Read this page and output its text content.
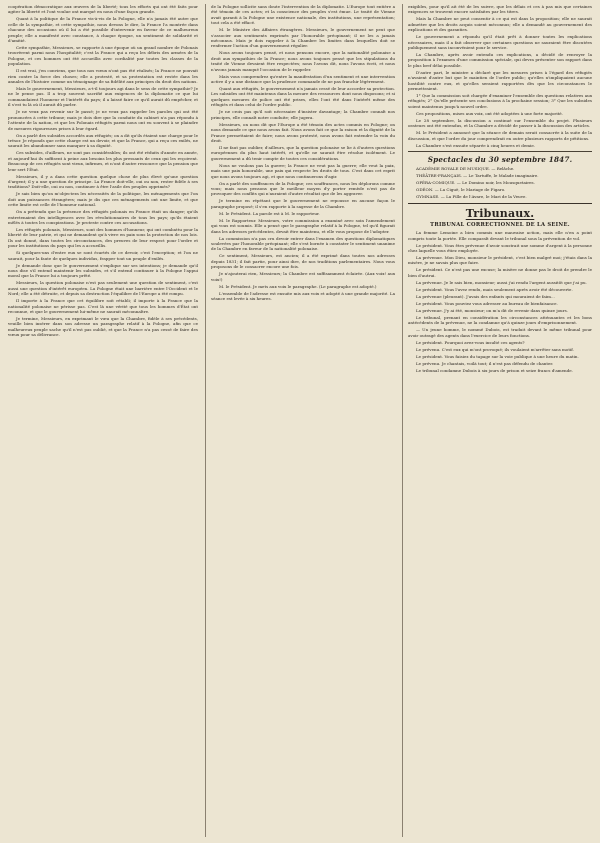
coopération démocratique aux œuvres de la liberté; tous les efforts qui ont été faits pour agiter la liberté et l'ont voulue ont marqué en nous d'une façon grande.

Quant à la politique de la France vis-à-vis de la Pologne, elle n'a jamais été autre que celle de la sympathie, et cette sympathie, nous devons le dire, la France l'a montrée dans chacune des occasions où il lui a été possible d'intervenir en faveur de ce malheureux peuple; elle a manifesté avec constance, à chaque époque, un sentiment de solidarité et d'amitié.

Cette sympathie, Messieurs, se rapporte à une époque où un grand nombre de Polonais trouvèrent parmi nous l'hospitalité; c'est la France qui a reçu les débris des armées de la Pologne, et ces hommes ont été accueillis avec cordialité par toutes les classes de la population.

Il est vrai, j'en conviens, que tous nos vœux n'ont pas été réalisés; la France ne pouvait rien contre la force des choses; elle a protesté, et sa protestation est restée dans les annales de l'histoire comme un témoignage de sa fidélité aux principes du droit des nations.

Mais le gouvernement, Messieurs, a-t-il toujours agi dans le sens de cette sympathie? Je ne le pense pas. Il a trop souvent sacrifié aux exigences de la diplomatie ce que lui commandaient l'honneur et l'intérêt du pays; il a laissé faire ce qu'il aurait dû empêcher, et il s'est tu là où il aurait dû parler.

Je ne veux pas revenir sur le passé; je ne veux pas rappeler les paroles qui ont été prononcées à cette tribune; mais je dois dire que la conduite du cabinet n'a pas répondu à l'attente de la nation, et que les Polonais réfugiés parmi nous ont eu souvent à se plaindre de mesures rigoureuses prises à leur égard.

On a parlé des subsides accordés aux réfugiés; on a dit qu'ils étaient une charge pour le trésor. Je réponds que cette charge est un devoir, et que la France, qui a reçu ces exilés, ne saurait les abandonner sans manquer à sa dignité.

Ces subsides, d'ailleurs, ne sont pas considérables; ils ont été réduits d'année en année, et aujourd'hui ils suffisent à peine aux besoins les plus pressants de ceux qui les reçoivent. Beaucoup de ces réfugiés sont vieux, infirmes, et n'ont d'autre ressource que la pension que leur sert l'État.

Messieurs, il y a dans cette question quelque chose de plus élevé qu'une question d'argent; il y a une question de principe. La France doit-elle, oui ou non, rester fidèle à ses traditions? Doit-elle, oui ou non, continuer à être l'asile des peuples opprimés?

Je sais bien qu'on m'objectera les nécessités de la politique, les ménagements que l'on doit aux puissances étrangères; mais je dis que ces ménagements ont une limite, et que cette limite est celle de l'honneur national.

On a prétendu que la présence des réfugiés polonais en France était un danger; qu'ils entretenaient des intelligences avec les révolutionnaires de tous les pays; qu'ils étaient mêlés à toutes les conspirations. Je proteste contre ces accusations.

Les réfugiés polonais, Messieurs, sont des hommes d'honneur, qui ont combattu pour la liberté de leur patrie, et qui ne demandent qu'à vivre en paix sous la protection de nos lois. Ils ont donné, dans toutes les circonstances, des preuves de leur respect pour l'ordre et pour les institutions du pays qui les a accueillis.

Si quelques-uns d'entre eux se sont écartés de ce devoir, c'est l'exception; et l'on ne saurait, pour la faute de quelques individus, frapper tout un peuple d'exilés.

Je demande donc que le gouvernement s'explique sur ses intentions; je demande qu'il nous dise s'il entend maintenir les subsides, et s'il entend continuer à la Pologne l'appui moral que la France lui a toujours prêté.

Messieurs, la question polonaise n'est pas seulement une question de sentiment, c'est aussi une question d'intérêt européen. La Pologne était une barrière entre l'Occident et le Nord; elle a été détruite, et depuis sa destruction l'équilibre de l'Europe a été rompu.

Il importe à la France que cet équilibre soit rétabli; il importe à la France que la nationalité polonaise ne périsse pas. C'est là une vérité que tous les hommes d'État ont reconnue, et que le gouvernement lui-même ne saurait méconnaître.

Je termine, Messieurs, en exprimant le vœu que la Chambre, fidèle à ses précédents, veuille bien insérer dans son adresse un paragraphe relatif à la Pologne, afin que ce malheureux peuple sache qu'il n'est pas oublié, et que la France n'a pas cessé de faire des vœux pour sa délivrance.

de la Pologne sollicite sans doute l'intervention de la diplomatie. L'Europe tout entière a été témoin de ces actes; et la conscience des peuples s'est émue. Le traité de Vienne avait garanti à la Pologne une existence nationale, des institutions, une représentation; tout cela a été effacé.

M. le Ministre des Affaires étrangères. Messieurs, le gouvernement ne peut que s'associer aux sentiments exprimés par l'honorable préopinant; il ne les a jamais méconnus. Mais je dois rappeler à la Chambre les limites dans lesquelles doit se renfermer l'action d'un gouvernement régulier.

Nous avons toujours pensé, et nous pensons encore, que la nationalité polonaise a droit aux sympathies de la France; nous avons toujours pensé que les stipulations du traité de Vienne devaient être respectées; nous l'avons dit, nous l'avons écrit, et nous n'avons jamais manqué l'occasion de le rappeler.

Mais vous comprendrez qu'entre la manifestation d'un sentiment et une intervention active il y a une distance que la prudence commande de ne pas franchir légèrement.

Quant aux réfugiés, le gouvernement n'a jamais cessé de leur accorder sa protection. Les subsides ont été maintenus dans la mesure des ressources dont nous disposons; et si quelques mesures de police ont été prises, elles l'ont été dans l'intérêt même des réfugiés et dans celui de l'ordre public.

Je ne crois pas qu'il soit nécessaire d'insister davantage; la Chambre connaît nos principes, elle connaît notre conduite; elle jugera.

Messieurs, on nous dit que l'Europe a été témoin des actes commis en Pologne; on nous demande ce que nous avons fait. Nous avons fait ce que la raison et la dignité de la France permettaient de faire; nous avons protesté, nous avons fait entendre la voix du droit.

Il ne faut pas oublier, d'ailleurs, que la question polonaise se lie à d'autres questions européennes du plus haut intérêt, et qu'elle ne saurait être résolue isolément. Le gouvernement a dû tenir compte de toutes ces considérations.

Nous ne voulons pas la guerre; la France ne veut pas la guerre; elle veut la paix, mais une paix honorable, une paix qui respecte les droits de tous. C'est dans cet esprit que nous avons toujours agi, et que nous continuerons d'agir.

On a parlé des souffrances de la Pologne; ces souffrances, nous les déplorons comme vous; mais nous pensons que le meilleur moyen d'y porter remède n'est pas de provoquer des conflits qui n'auraient d'autre résultat que de les aggraver.

Je termine en répétant que le gouvernement ne repousse en aucune façon le paragraphe proposé; il s'en rapporte à la sagesse de la Chambre.

M. le Président. La parole est à M. le rapporteur.

M. le Rapporteur. Messieurs, votre commission a examiné avec soin l'amendement qui vous est soumis. Elle a pensé que le paragraphe relatif à la Pologne, tel qu'il figurait dans les adresses précédentes, devait être maintenu, et elle vous propose de l'adopter.

La commission n'a pas cru devoir entrer dans l'examen des questions diplomatiques soulevées par l'honorable préopinant; elle s'est bornée à constater le sentiment unanime de la Chambre en faveur de la nationalité polonaise.

Ce sentiment, Messieurs, est ancien; il a été exprimé dans toutes nos adresses depuis 1831; il fait partie, pour ainsi dire, de nos traditions parlementaires. Nous vous proposons de le consacrer encore une fois.

Je n'ajouterai rien, Messieurs; la Chambre est suffisamment éclairée. (Aux voix! aux voix!)

M. le Président. Je mets aux voix le paragraphe. (Le paragraphe est adopté.)

L'ensemble de l'adresse est ensuite mis aux voix et adopté à une grande majorité. La séance est levée à six heures.

exigibles, pour qu'il ait été de les suivre, que les délais et ces à pas mis que certaines exigences se trouvent encore satisfaites par les titres.

Mais la Chambre ne peut consentir à ce qui est dans la proposition; elle ne saurait admettre que les droits acquis soient méconnus; elle a demandé au gouvernement des explications et des garanties.

Le gouvernement a répondu qu'il était prêt à donner toutes les explications nécessaires, mais il a fait observer que certaines questions ne sauraient être discutées publiquement sans inconvénient pour le service.

La Chambre, après avoir entendu ces explications, a décidé de renvoyer la proposition à l'examen d'une commission spéciale, qui devra présenter son rapport dans le plus bref délai possible.

D'autre part, le ministre a déclaré que les mesures prises à l'égard des réfugiés n'avaient d'autre but que le maintien de l'ordre public; qu'elles n'impliquaient aucune hostilité contre eux, et qu'elles seraient rapportées dès que les circonstances le permettraient.

1° Que la commission soit chargée d'examiner l'ensemble des questions relatives aux réfugiés; 2° Qu'elle présente ses conclusions à la prochaine session; 3° Que les subsides soient maintenus jusqu'à nouvel ordre.

Ces propositions, mises aux voix, ont été adoptées à une forte majorité.

Le 28 septembre, la discussion a continué sur l'ensemble du projet. Plusieurs orateurs ont été entendus, et la Chambre a décidé de passer à la discussion des articles.

M. le Président a annoncé que la séance de demain serait consacrée à la suite de la discussion, et que l'ordre du jour comprendrait en outre plusieurs rapports de pétitions.

La Chambre s'est ensuite séparée à cinq heures et demie.

Spectacles du 30 septembre 1847.

ACADÉMIE ROYALE DE MUSIQUE. — Relâche.

THÉÂTRE-FRANÇAIS. — Le Tartuffe, le Malade imaginaire.

OPÉRA-COMIQUE. — Le Domino noir, les Mousquetaires.

ODÉON. — La Ciguë, le Mariage de Figaro.

GYMNASE. — La Fille de l'Avare, le Mari de la Veuve.

Tribunaux.
TRIBUNAL CORRECTIONNEL DE LA SEINE.

La femme Lemoine a bien commis une mauvaise action, mais elle n'en a point compris toute la portée. Elle comparaît devant le tribunal sous la prévention de vol.

Le président. Vous êtes prévenue d'avoir soustrait une somme d'argent à la personne chez laquelle vous étiez employée.

La prévenue. Mon Dieu, monsieur le président, c'est bien malgré moi; j'étais dans la misère, je ne savais plus que faire.

Le président. Ce n'est pas une excuse; la misère ne donne pas le droit de prendre le bien d'autrui.

La prévenue. Je le sais bien, monsieur; aussi j'ai rendu l'argent aussitôt que j'ai pu.

Le président. Vous l'avez rendu, mais seulement après avoir été découverte.

La prévenue (pleurant). J'avais des enfants qui mouraient de faim...

Le président. Vous pouviez vous adresser au bureau de bienfaisance.

La prévenue. J'y ai été, monsieur; on m'a dit de revenir dans quinze jours.

Le tribunal, prenant en considération les circonstances atténuantes et les bons antécédents de la prévenue, ne la condamne qu'à quinze jours d'emprisonnement.

— Un jeune homme, le nommé Dubois, est traduit devant le même tribunal pour avoir outragé des agents dans l'exercice de leurs fonctions.

Le président. Pourquoi avez-vous insulté ces agents?

Le prévenu. C'est eux qui m'ont provoqué; ils voulaient m'arrêter sans motif.

Le président. Vous faisiez du tapage sur la voie publique à une heure du matin.

Le prévenu. Je chantais, voilà tout; il n'est pas défendu de chanter.

Le tribunal condamne Dubois à six jours de prison et seize francs d'amende.
